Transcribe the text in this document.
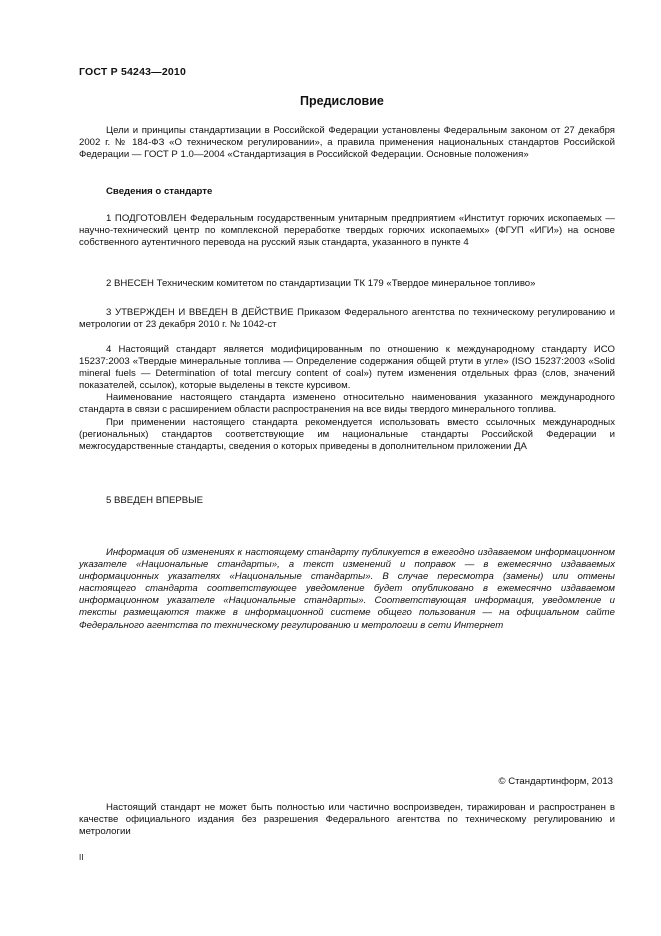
ГОСТ Р 54243—2010
Предисловие

Цели и принципы стандартизации в Российской Федерации установлены Федеральным законом от 27 декабря 2002 г. № 184-ФЗ «О техническом регулировании», а правила применения национальных стандартов Российской Федерации — ГОСТ Р 1.0—2004 «Стандартизация в Российской Федерации. Основные положения»

Сведения о стандарте

1 ПОДГОТОВЛЕН Федеральным государственным унитарным предприятием «Институт горючих ископаемых — научно-технический центр по комплексной переработке твердых горючих ископаемых» (ФГУП «ИГИ») на основе собственного аутентичного перевода на русский язык стандарта, указанного в пункте 4

2 ВНЕСЕН Техническим комитетом по стандартизации ТК 179 «Твердое минеральное топливо»

3 УТВЕРЖДЕН И ВВЕДЕН В ДЕЙСТВИЕ Приказом Федерального агентства по техническому регулированию и метрологии от 23 декабря 2010 г. № 1042-ст

4 Настоящий стандарт является модифицированным по отношению к международному стандарту ИСО 15237:2003 «Твердые минеральные топлива — Определение содержания общей ртути в угле» (ISO 15237:2003 «Solid mineral fuels — Determination of total mercury content of coal») путем изменения отдельных фраз (слов, значений показателей, ссылок), которые выделены в тексте курсивом.

Наименование настоящего стандарта изменено относительно наименования указанного международного стандарта в связи с расширением области распространения на все виды твердого минерального топлива.

При применении настоящего стандарта рекомендуется использовать вместо ссылочных международных (региональных) стандартов соответствующие им национальные стандарты Российской Федерации и межгосударственные стандарты, сведения о которых приведены в дополнительном приложении ДА

5 ВВЕДЕН ВПЕРВЫЕ

Информация об изменениях к настоящему стандарту публикуется в ежегодно издаваемом информационном указателе «Национальные стандарты», а текст изменений и поправок — в ежемесячно издаваемых информационных указателях «Национальные стандарты». В случае пересмотра (замены) или отмены настоящего стандарта соответствующее уведомление будет опубликовано в ежемесячно издаваемом информационном указателе «Национальные стандарты». Соответствующая информация, уведомление и тексты размещаются также в информационной системе общего пользования — на официальном сайте Федерального агентства по техническому регулированию и метрологии в сети Интернет

© Стандартинформ, 2013

Настоящий стандарт не может быть полностью или частично воспроизведен, тиражирован и распространен в качестве официального издания без разрешения Федерального агентства по техническому регулированию и метрологии

II
